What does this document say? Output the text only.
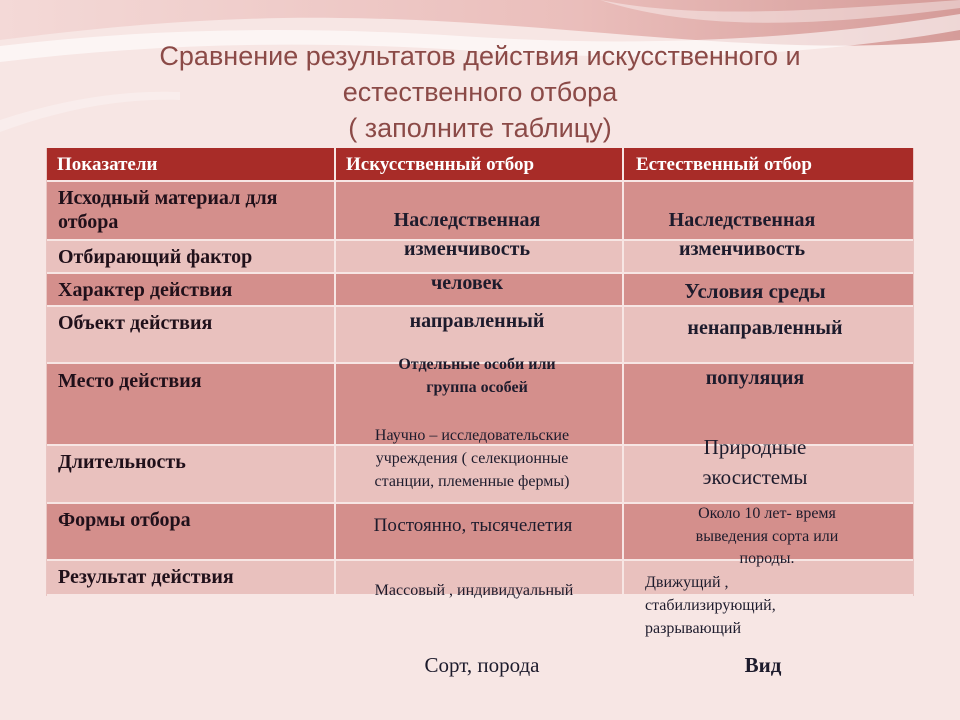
Сравнение результатов действия искусственного и
естественного отбора
( заполните таблицу)
Показатели	Искусственный отбор	Естественный отбор
Исходный материал для отбора
Отбирающий фактор
Характер действия
Объект действия
Место действия
Длительность
Формы отбора
Результат действия
Наследственная
изменчивость
человек
направленный
Отдельные особи или
группа особей
Научно – исследовательские
учреждения ( селекционные
станции, племенные фермы)
Постоянно, тысячелетия
Массовый , индивидуальный
Сорт, порода
Наследственная
изменчивость
Условия среды
ненаправленный
популяция
Природные
экосистемы
Около 10 лет- время
выведения сорта или
породы.
Движущий ,
стабилизирующий,
разрывающий
Вид
